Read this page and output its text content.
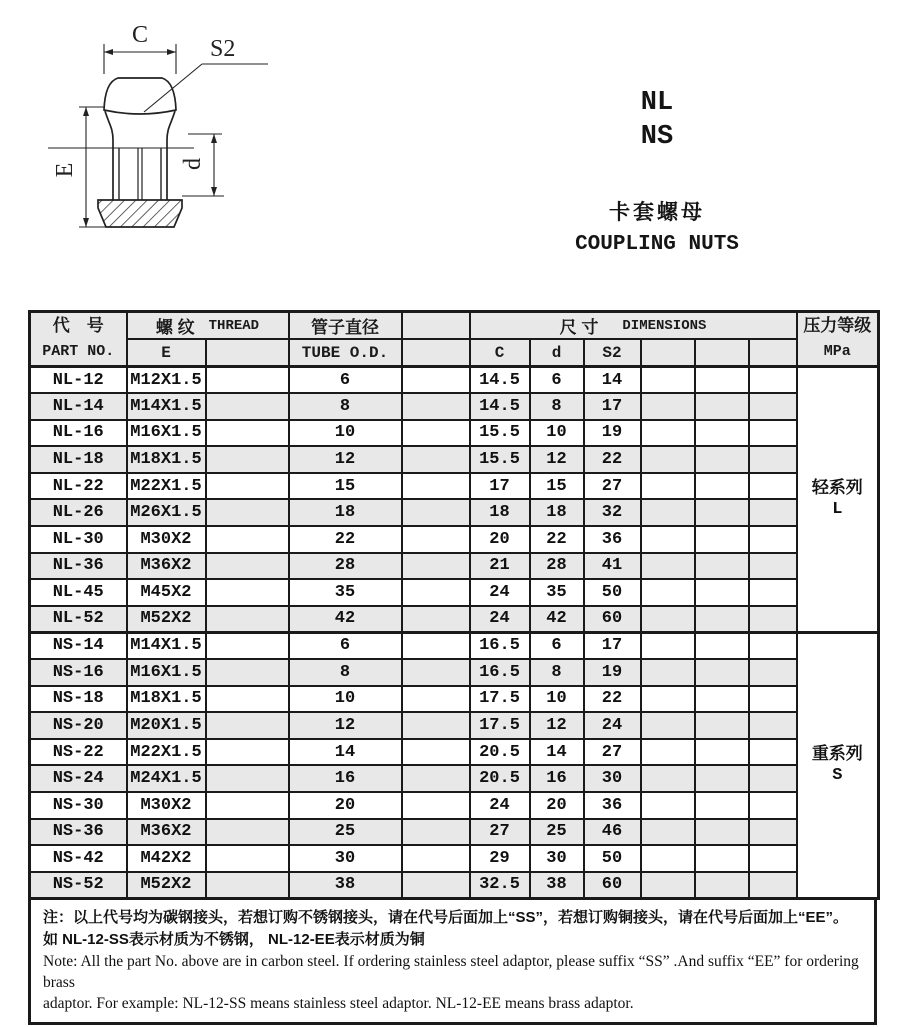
C
S2
E	d
NL
NS
卡套螺母
COUPLING NUTS
代　号
PART NO.

螺 纹 THREAD	管子直径		尺 寸 DIMENSIONS	压力等级
MPa

	E		TUBE O.D.		C	d	S2				
NL-12	M12X1.5		6		14.5	6	14				轻系列
L

NL-14	M14X1.5		8		14.5	8	17				
NL-16	M16X1.5		10		15.5	10	19				
NL-18	M18X1.5		12		15.5	12	22				
NL-22	M22X1.5		15		17	15	27				
NL-26	M26X1.5		18		18	18	32				
NL-30	M30X2		22		20	22	36				
NL-36	M36X2		28		21	28	41				
NL-45	M45X2		35		24	35	50				
NL-52	M52X2		42		24	42	60				
NS-14	M14X1.5		6		16.5	6	17				重系列
S

NS-16	M16X1.5		8		16.5	8	19				
NS-18	M18X1.5		10		17.5	10	22				
NS-20	M20X1.5		12		17.5	12	24				
NS-22	M22X1.5		14		20.5	14	27				
NS-24	M24X1.5		16		20.5	16	30				
NS-30	M30X2		20		24	20	36				
NS-36	M36X2		25		27	25	46				
NS-42	M42X2		30		29	30	50				
NS-52	M52X2		38		32.5	38	60				
注：以上代号均为碳钢接头，若想订购不锈钢接头，请在代号后面加上“SS”，若想订购铜接头，请在代号后面加上“EE”。
如 NL-12-SS表示材质为不锈钢， NL-12-EE表示材质为铜
Note: All the part No. above are in carbon steel. If ordering stainless steel adaptor, please suffix “SS” .And suffix “EE” for ordering brass
adaptor. For example: NL-12-SS means stainless steel adaptor. NL-12-EE means brass adaptor.
